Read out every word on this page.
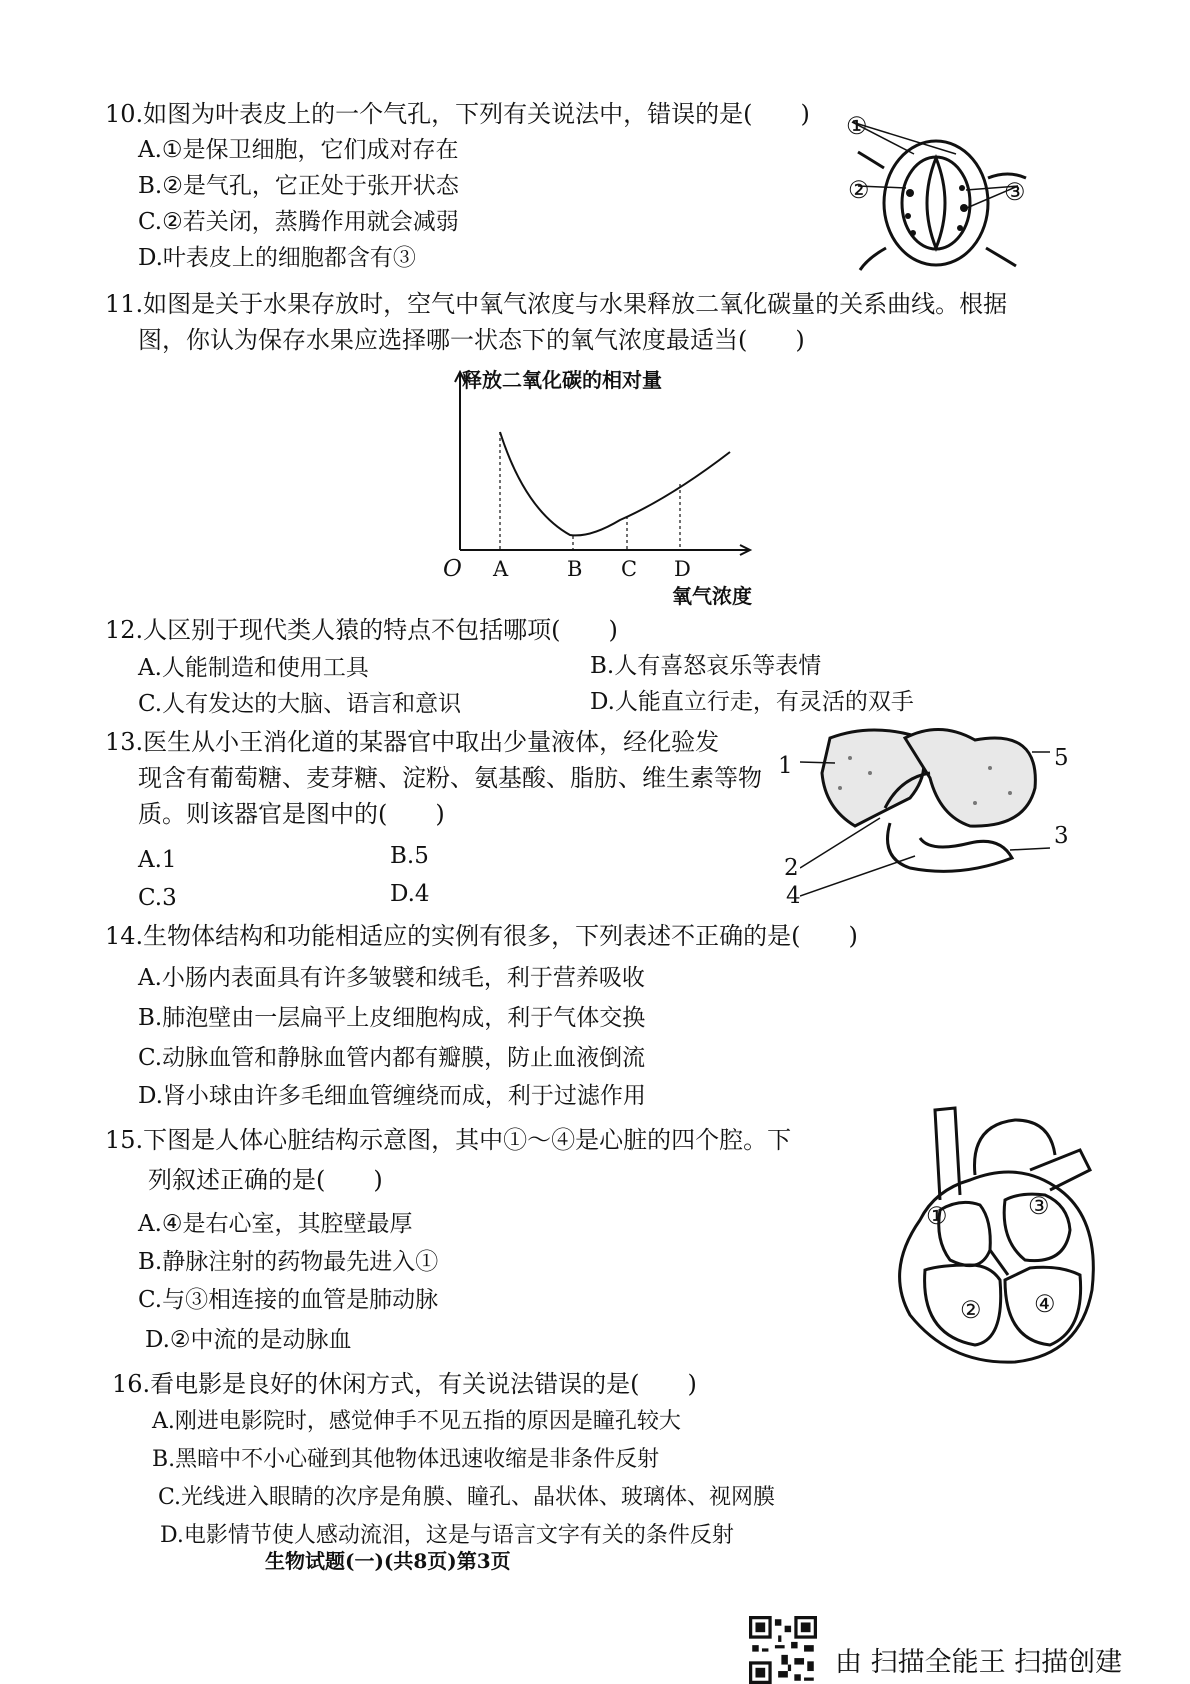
10.如图为叶表皮上的一个气孔，下列有关说法中，错误的是(　　)
A.①是保卫细胞，它们成对存在
B.②是气孔，它正处于张开状态
C.②若关闭，蒸腾作用就会减弱
D.叶表皮上的细胞都含有③
①
②	③
11.如图是关于水果存放时，空气中氧气浓度与水果释放二氧化碳量的关系曲线。根据
图，你认为保存水果应选择哪一状态下的氧气浓度最适当(　　)
释放二氧化碳的相对量
O A	B C D
氧气浓度
12.人区别于现代类人猿的特点不包括哪项(　　)
A.人能制造和使用工具	B.人有喜怒哀乐等表情
C.人有发达的大脑、语言和意识	D.人能直立行走，有灵活的双手
13.医生从小王消化道的某器官中取出少量液体，经化验发
现含有葡萄糖、麦芽糖、淀粉、氨基酸、脂肪、维生素等物
质。则该器官是图中的(　　)
A.1	B.5
C.3	D.4
1
2
3
4
5
14.生物体结构和功能相适应的实例有很多，下列表述不正确的是(　　)
A.小肠内表面具有许多皱襞和绒毛，利于营养吸收
B.肺泡壁由一层扁平上皮细胞构成，利于气体交换
C.动脉血管和静脉血管内都有瓣膜，防止血液倒流
D.肾小球由许多毛细血管缠绕而成，利于过滤作用
15.下图是人体心脏结构示意图，其中①～④是心脏的四个腔。下
列叙述正确的是(　　)
A.④是右心室，其腔壁最厚
B.静脉注射的药物最先进入①
C.与③相连接的血管是肺动脉
D.②中流的是动脉血
①
②
③
④
16.看电影是良好的休闲方式，有关说法错误的是(　　)
A.刚进电影院时，感觉伸手不见五指的原因是瞳孔较大
B.黑暗中不小心碰到其他物体迅速收缩是非条件反射
C.光线进入眼睛的次序是角膜、瞳孔、晶状体、玻璃体、视网膜
D.电影情节使人感动流泪，这是与语言文字有关的条件反射
生物试题(一)(共8页)第3页
由 扫描全能王 扫描创建
